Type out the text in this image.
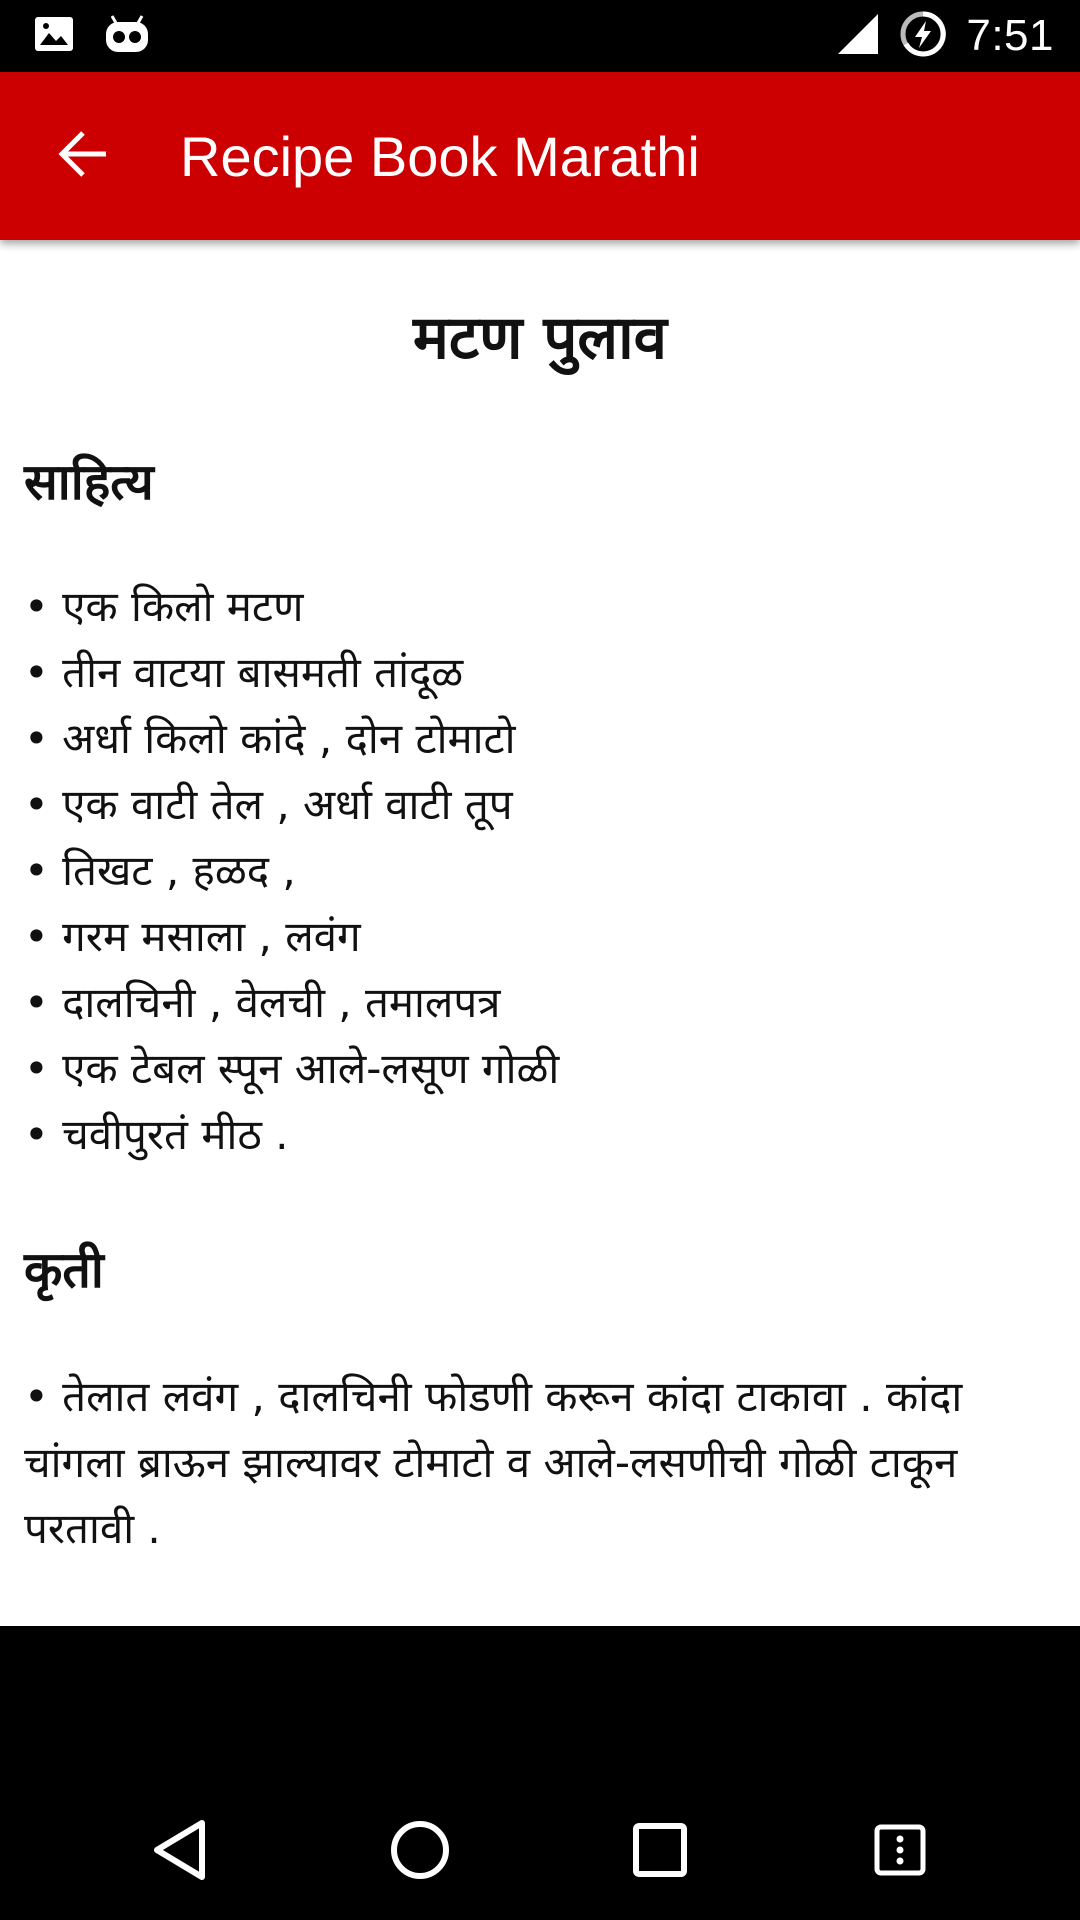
7:51
Recipe Book Marathi
मटण पुलाव
साहित्य
• एक किलो मटण
• तीन वाटया बासमती तांदूळ
• अर्धा किलो कांदे , दोन टोमाटो
• एक वाटी तेल , अर्धा वाटी तूप
• तिखट , हळद ,
• गरम मसाला , लवंग
• दालचिनी , वेलची , तमालपत्र
• एक टेबल स्पून आले-लसूण गोळी
• चवीपुरतं मीठ .
कृती
• तेलात लवंग , दालचिनी फोडणी करून कांदा टाकावा . कांदा चांगला ब्राऊन झाल्यावर टोमाटो व आले-लसणीची गोळी टाकून परतावी .
